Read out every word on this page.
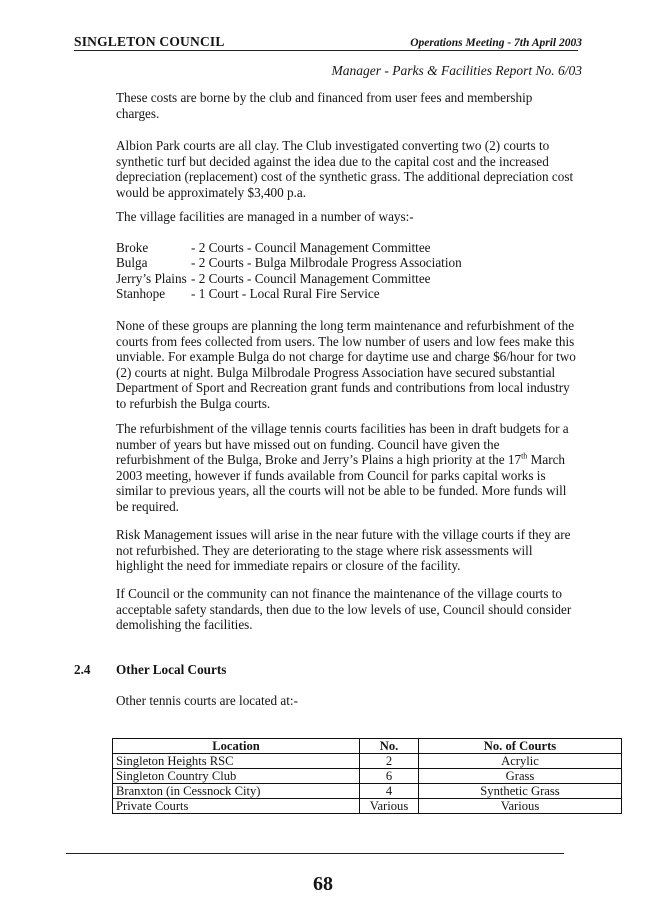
SINGLETON COUNCIL	Operations Meeting - 7th April 2003
Manager - Parks & Facilities Report No. 6/03

These costs are borne by the club and financed from user fees and membership charges.

Albion Park courts are all clay. The Club investigated converting two (2) courts to synthetic turf but decided against the idea due to the capital cost and the increased depreciation (replacement) cost of the synthetic grass. The additional depreciation cost would be approximately $3,400 p.a.

The village facilities are managed in a number of ways:-

Broke	- 2 Courts - Council Management Committee
Bulga	- 2 Courts - Bulga Milbrodale Progress Association
Jerry’s Plains - 2 Courts - Council Management Committee
Stanhope	- 1 Court - Local Rural Fire Service

None of these groups are planning the long term maintenance and refurbishment of the courts from fees collected from users. The low number of users and low fees make this unviable. For example Bulga do not charge for daytime use and charge $6/hour for two (2) courts at night. Bulga Milbrodale Progress Association have secured substantial Department of Sport and Recreation grant funds and contributions from local industry to refurbish the Bulga courts.

The refurbishment of the village tennis courts facilities has been in draft budgets for a number of years but have missed out on funding. Council have given the refurbishment of the Bulga, Broke and Jerry’s Plains a high priority at the 17th March 2003 meeting, however if funds available from Council for parks capital works is similar to previous years, all the courts will not be able to be funded. More funds will be required.

Risk Management issues will arise in the near future with the village courts if they are not refurbished. They are deteriorating to the stage where risk assessments will highlight the need for immediate repairs or closure of the facility.

If Council or the community can not finance the maintenance of the village courts to acceptable safety standards, then due to the low levels of use, Council should consider demolishing the facilities.

2.4 Other Local Courts
Other tennis courts are located at:-
Location	No.	No. of Courts
Singleton Heights RSC	2	Acrylic
Singleton Country Club	6	Grass
Branxton (in Cessnock City)	4	Synthetic Grass
Private Courts	Various	Various
68
